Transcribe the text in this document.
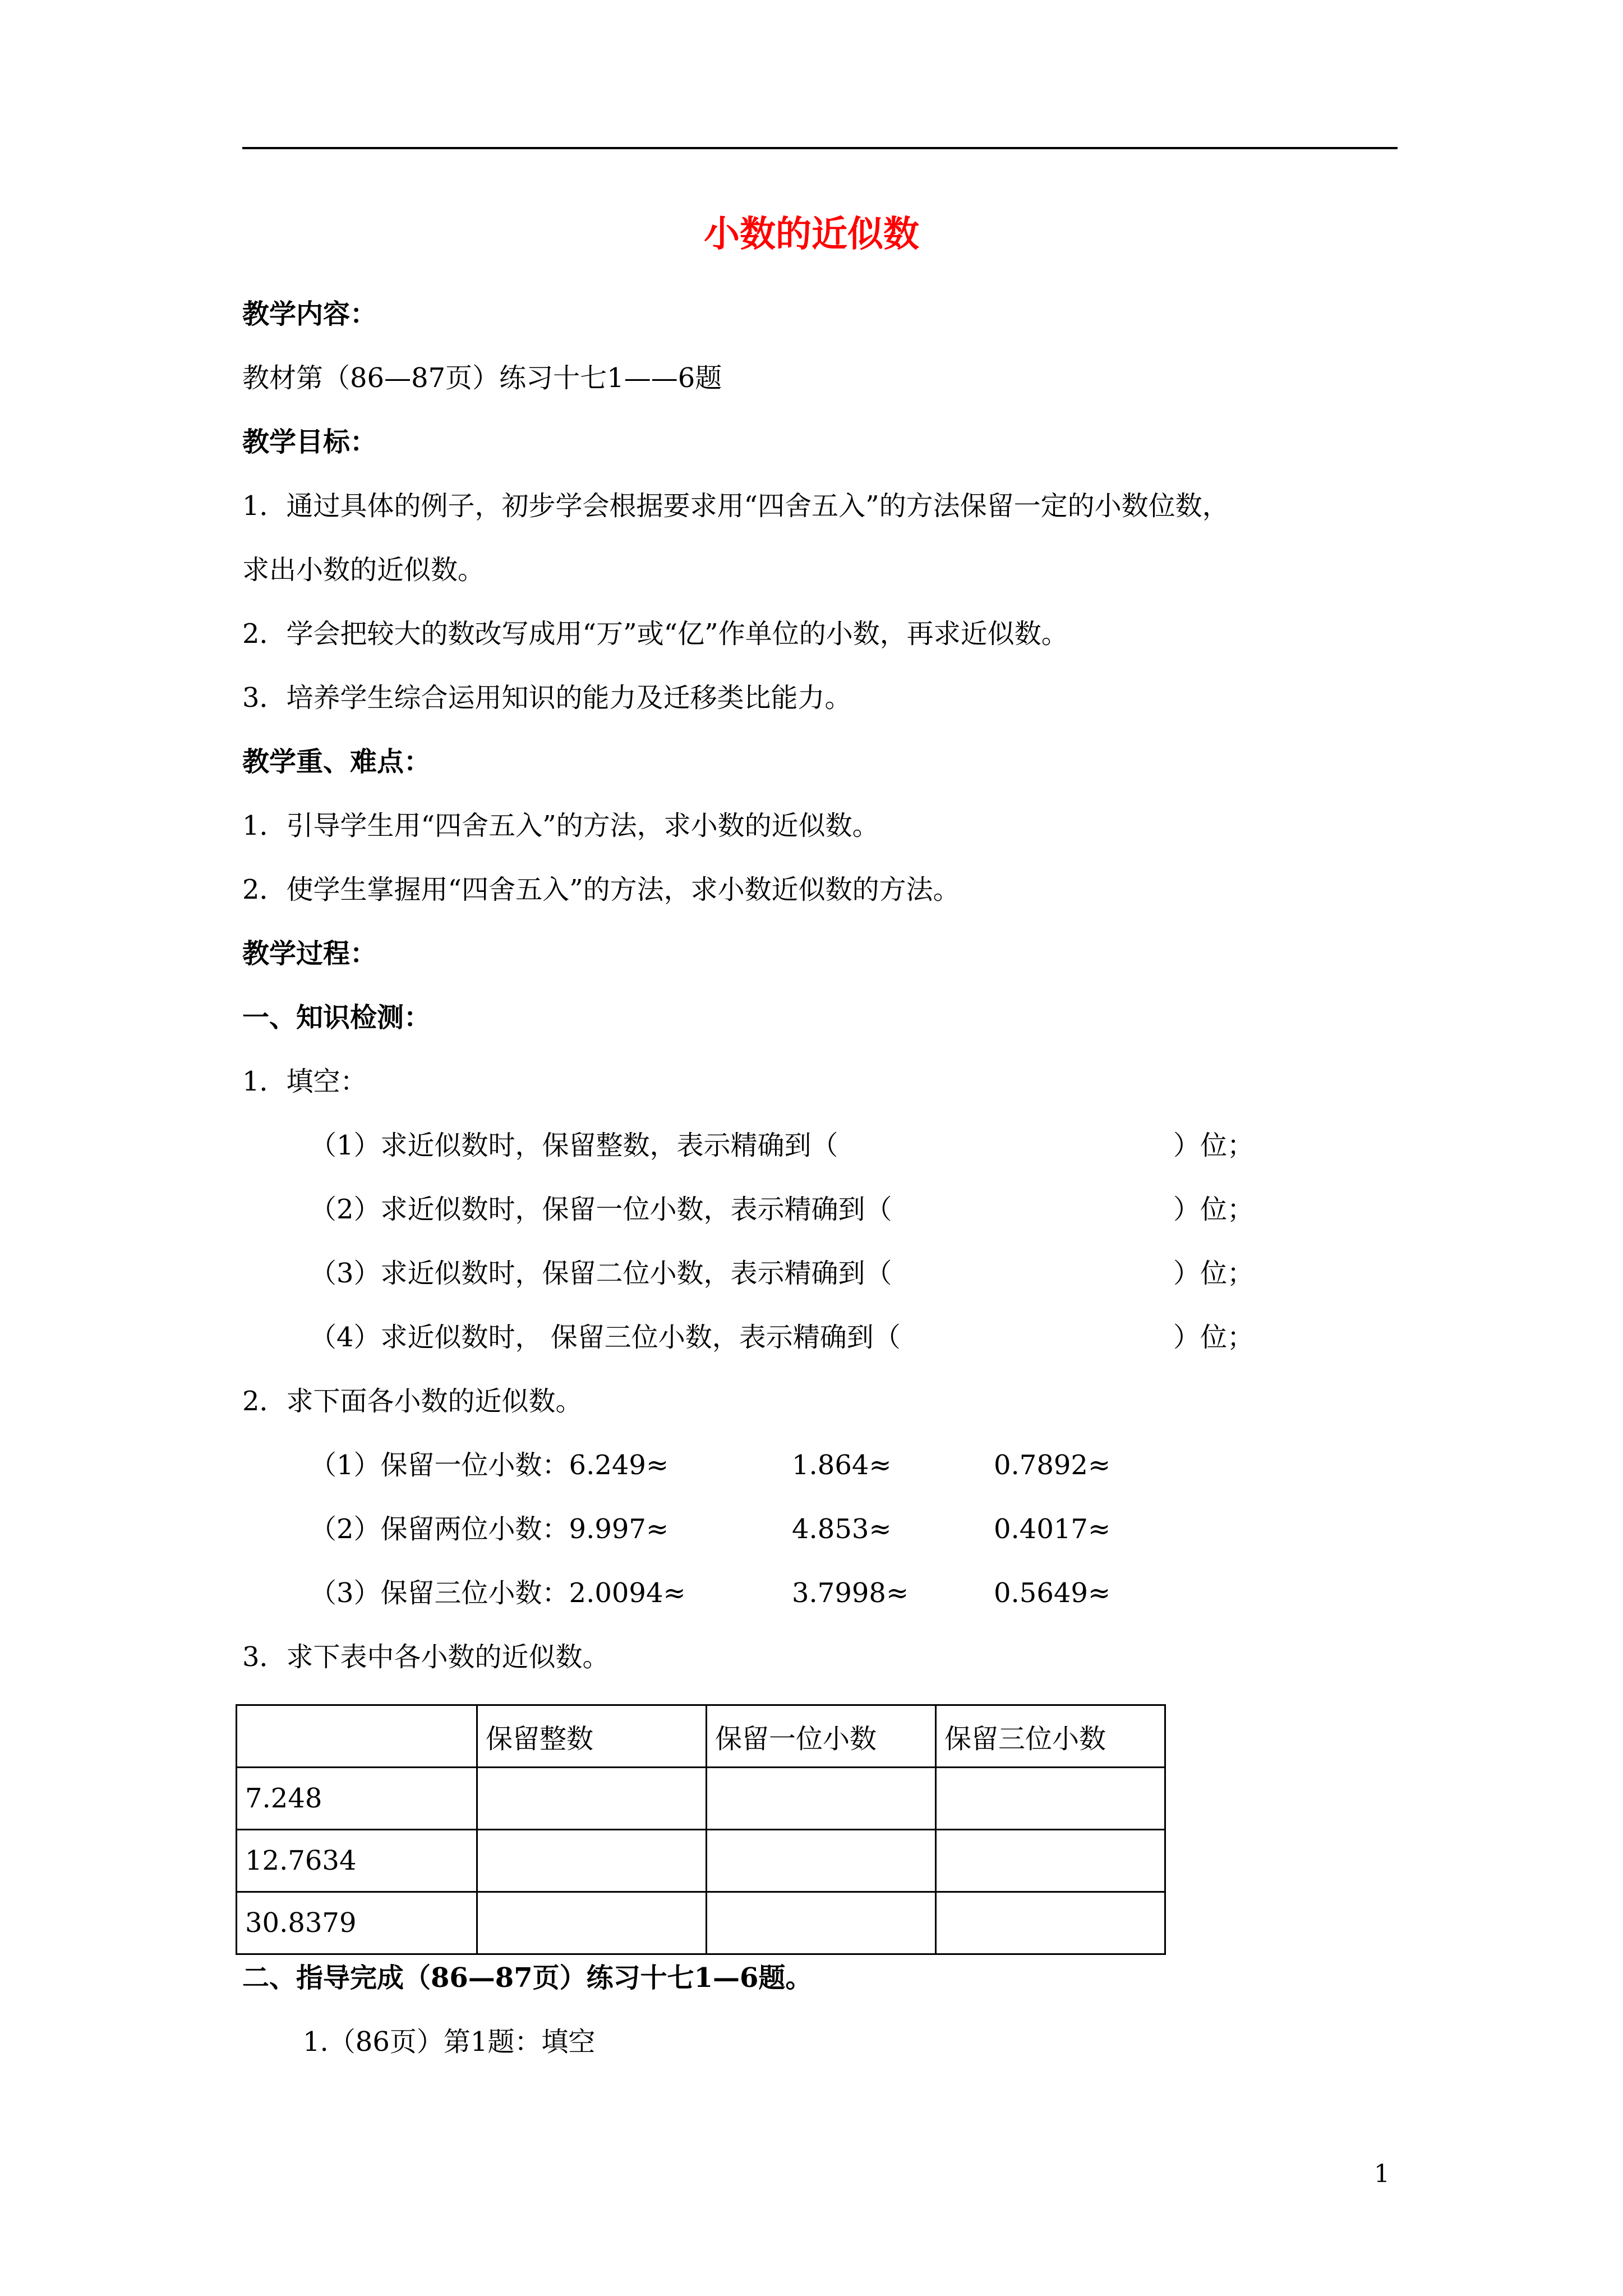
小数的近似数
教学内容：
教材第（86—87页）练习十七1——6题
教学目标：
1．通过具体的例子，初步学会根据要求用“四舍五入”的方法保留一定的小数位数，
求出小数的近似数。
2．学会把较大的数改写成用“万”或“亿”作单位的小数，再求近似数。
3．培养学生综合运用知识的能力及迁移类比能力。
教学重、难点：
1．引导学生用“四舍五入”的方法，求小数的近似数。
2．使学生掌握用“四舍五入”的方法，求小数近似数的方法。
教学过程：
一、知识检测：
1．填空：
（1）求近似数时，保留整数，表示精确到（	）位；
（2）求近似数时，保留一位小数，表示精确到（	）位；
（3）求近似数时，保留二位小数，表示精确到（	）位；
（4）求近似数时， 保留三位小数，表示精确到（	）位；
2．求下面各小数的近似数。
（1）保留一位小数：6.249≈	1.864≈	0.7892≈
（2）保留两位小数：9.997≈	4.853≈	0.4017≈
（3）保留三位小数：2.0094≈	3.7998≈	0.5649≈
3．求下表中各小数的近似数。
	保留整数	保留一位小数	保留三位小数
7.248			
12.7634			
30.8379			
二、指导完成（86—87页）练习十七1—6题。
1.（86页）第1题：填空
1
